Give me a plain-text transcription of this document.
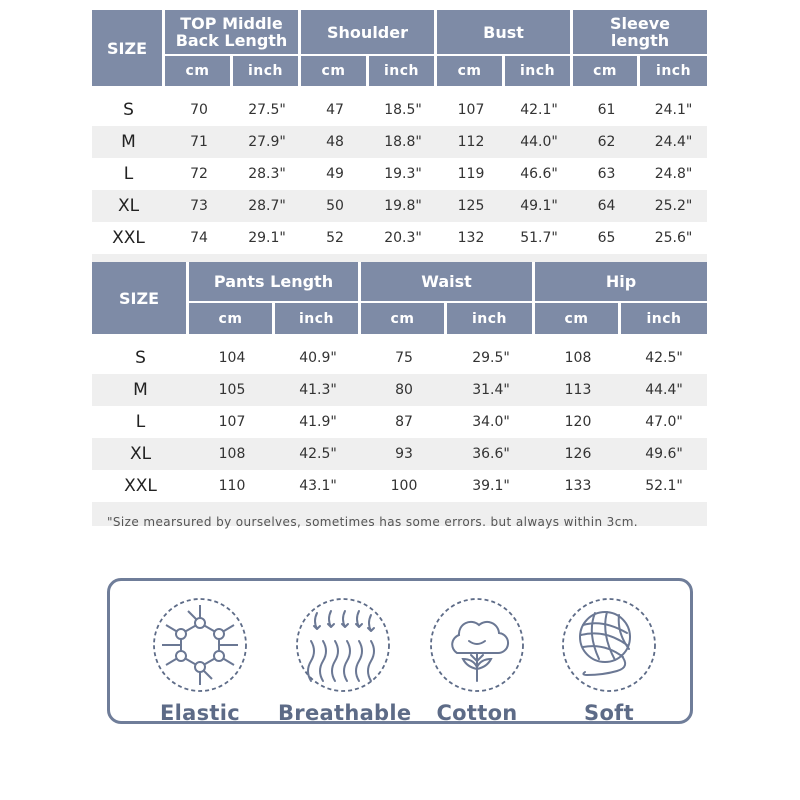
SIZE	TOP Middle
Back Length		Shoulder		Bust		Sleeve
length	
	cm	inch	cm	inch	cm	inch	cm	inch

S	70	27.5"	47	18.5"	107	42.1"	61	24.1"
M	71	27.9"	48	18.8"	112	44.0"	62	24.4"
L	72	28.3"	49	19.3"	119	46.6"	63	24.8"
XL	73	28.7"	50	19.8"	125	49.1"	64	25.2"
XXL	74	29.1"	52	20.3"	132	51.7"	65	25.6"

SIZE	Pants Length		Waist		Hip	
	cm	inch	cm	inch	cm	inch

S	104	40.9"	75	29.5"	108	42.5"
M	105	41.3"	80	31.4"	113	44.4"
L	107	41.9"	87	34.0"	120	47.0"
XL	108	42.5"	93	36.6"	126	49.6"
XXL	110	43.1"	100	39.1"	133	52.1"

"Size mearsured by ourselves, sometimes has some errors. but always within 3cm.
Elastic	Breathable	Cotton	Soft
